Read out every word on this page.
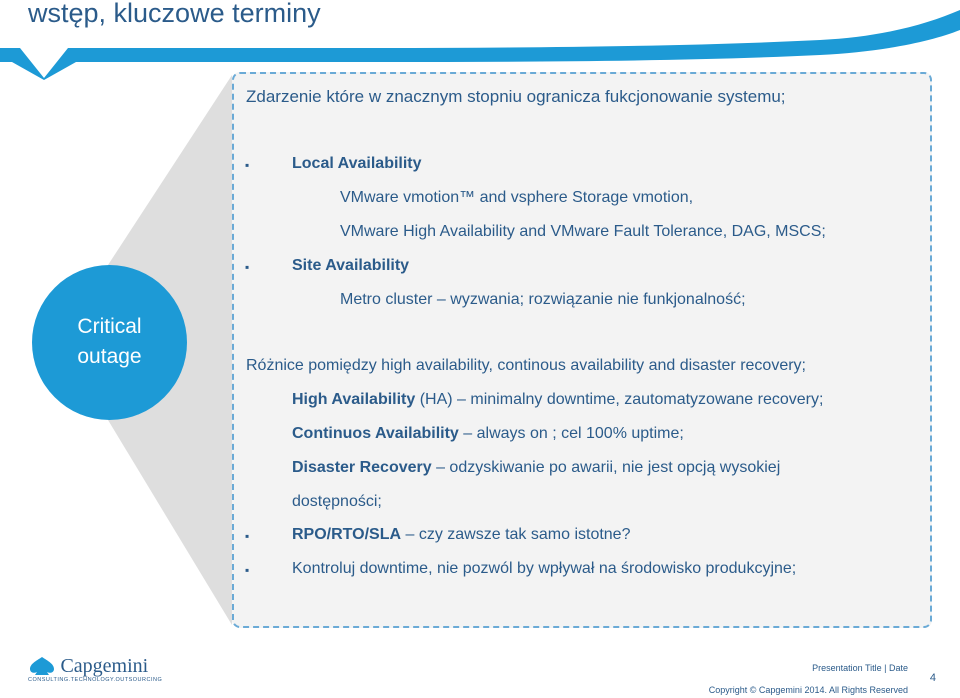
wstęp, kluczowe terminy
Critical
outage
Zdarzenie które w znacznym stopniu ogranicza fukcjonowanie systemu;
▪	Local Availability
VMware vmotion™ and vsphere Storage vmotion,
VMware High Availability and VMware Fault Tolerance, DAG, MSCS;
▪	Site Availability
Metro cluster – wyzwania; rozwiązanie nie funkjonalność;
Różnice pomiędzy high availability, continous availability and disaster recovery;
High Availability (HA) – minimalny downtime, zautomatyzowane recovery;
Continuos Availability – always on ; cel 100% uptime;
Disaster Recovery – odzyskiwanie po awarii, nie jest opcją wysokiej
dostępności;
▪	RPO/RTO/SLA – czy zawsze tak samo istotne?
▪	Kontroluj downtime, nie pozwól by wpływał na środowisko produkcyjne;
Capgemini
CONSULTING.TECHNOLOGY.OUTSOURCING
Presentation Title | Date
Copyright © Capgemini 2014. All Rights Reserved
4
